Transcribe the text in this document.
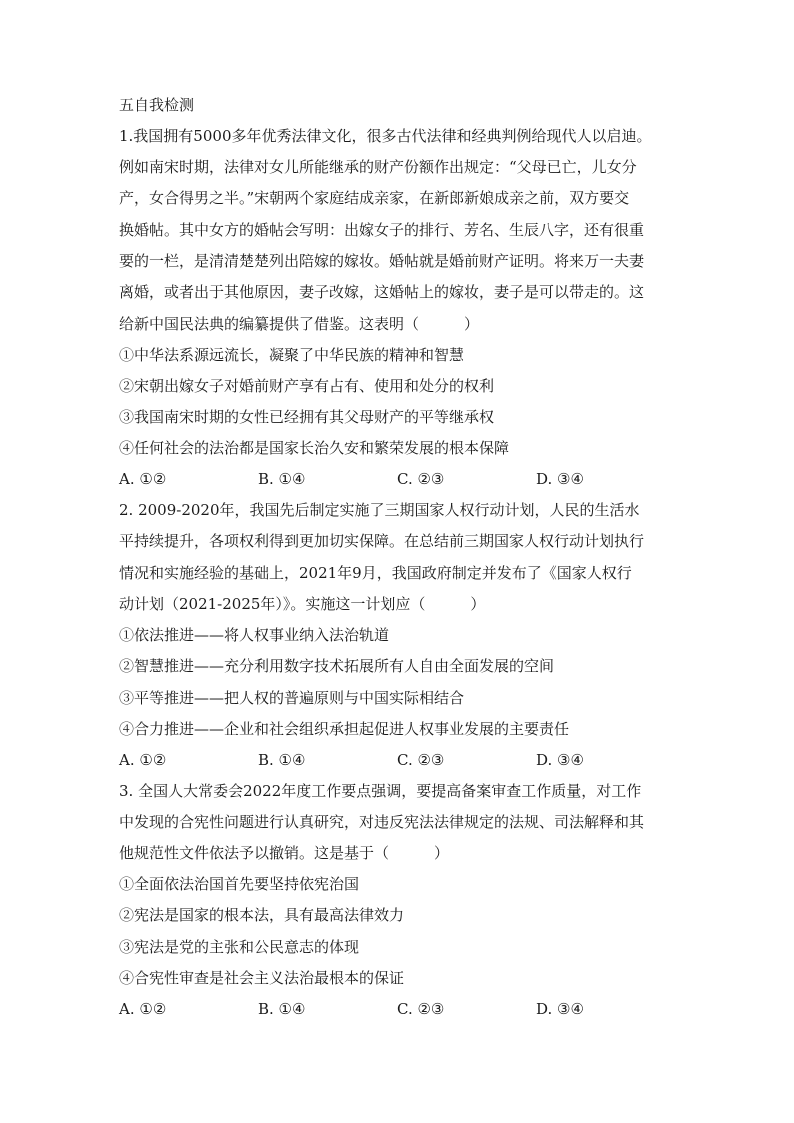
五自我检测
1.我国拥有5000多年优秀法律文化，很多古代法律和经典判例给现代人以启迪。
例如南宋时期，法律对女儿所能继承的财产份额作出规定：“父母已亡，儿女分
产，女合得男之半。”宋朝两个家庭结成亲家，在新郎新娘成亲之前，双方要交
换婚帖。其中女方的婚帖会写明：出嫁女子的排行、芳名、生辰八字，还有很重
要的一栏，是清清楚楚列出陪嫁的嫁妆。婚帖就是婚前财产证明。将来万一夫妻
离婚，或者出于其他原因，妻子改嫁，这婚帖上的嫁妆，妻子是可以带走的。这
给新中国民法典的编纂提供了借鉴。这表明（　　　）
①中华法系源远流长，凝聚了中华民族的精神和智慧
②宋朝出嫁女子对婚前财产享有占有、使用和处分的权利
③我国南宋时期的女性已经拥有其父母财产的平等继承权
④任何社会的法治都是国家长治久安和繁荣发展的根本保障
A. ①②	B. ①④	C. ②③	D. ③④
2. 2009-2020年，我国先后制定实施了三期国家人权行动计划，人民的生活水
平持续提升，各项权利得到更加切实保障。在总结前三期国家人权行动计划执行
情况和实施经验的基础上，2021年9月，我国政府制定并发布了《国家人权行
动计划（2021-2025年）》。实施这一计划应（　　　）
①依法推进——将人权事业纳入法治轨道
②智慧推进——充分利用数字技术拓展所有人自由全面发展的空间
③平等推进——把人权的普遍原则与中国实际相结合
④合力推进——企业和社会组织承担起促进人权事业发展的主要责任
A. ①②	B. ①④	C. ②③	D. ③④
3. 全国人大常委会2022年度工作要点强调，要提高备案审查工作质量，对工作
中发现的合宪性问题进行认真研究，对违反宪法法律规定的法规、司法解释和其
他规范性文件依法予以撤销。这是基于（　　　）
①全面依法治国首先要坚持依宪治国
②宪法是国家的根本法，具有最高法律效力
③宪法是党的主张和公民意志的体现
④合宪性审查是社会主义法治最根本的保证
A. ①②	B. ①④	C. ②③	D. ③④
